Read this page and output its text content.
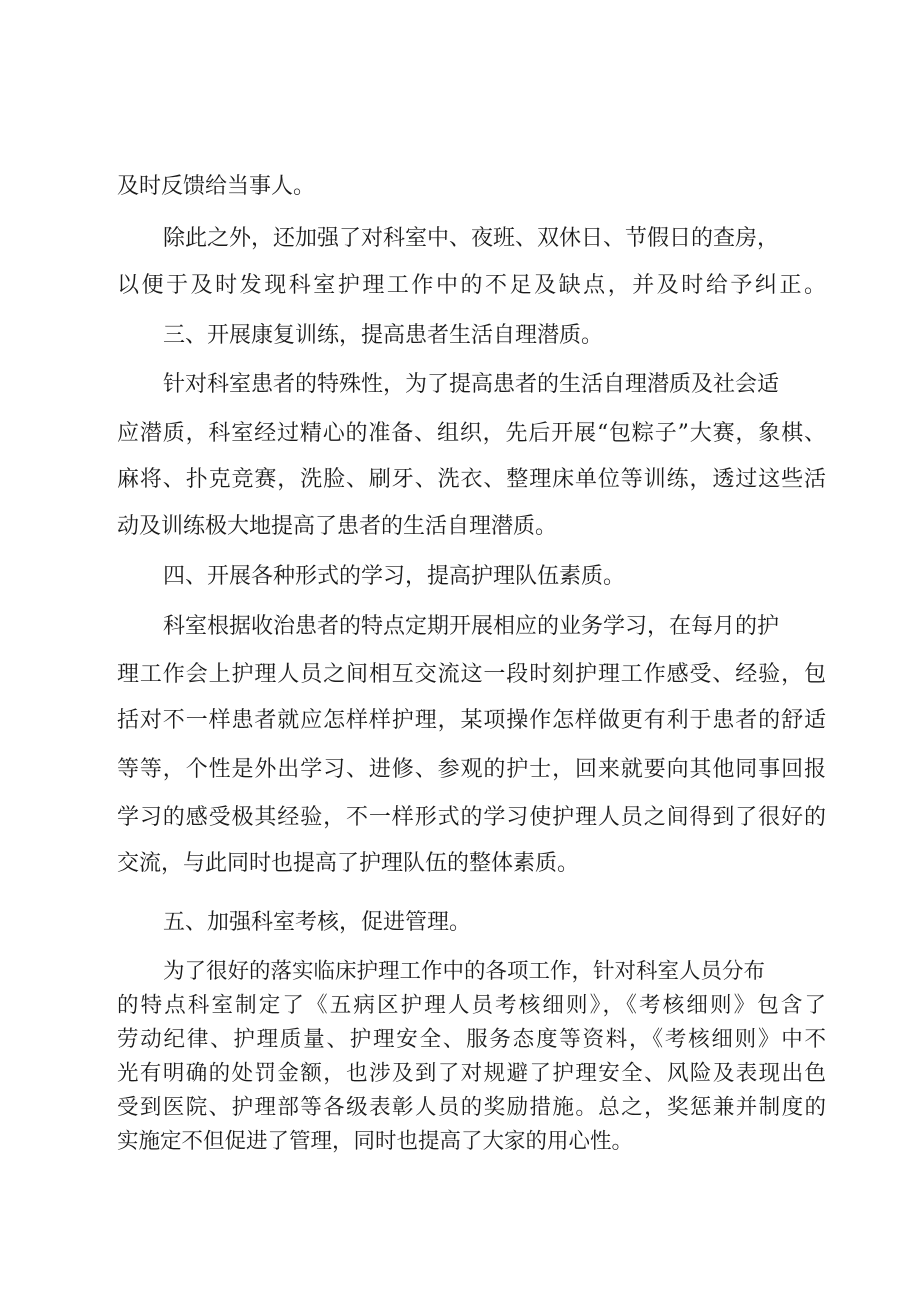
及时反馈给当事人。

除此之外，还加强了对科室中、夜班、双休日、节假日的查房，

以便于及时发现科室护理工作中的不足及缺点，并及时给予纠正。

三、开展康复训练，提高患者生活自理潜质。

针对科室患者的特殊性，为了提高患者的生活自理潜质及社会适

应潜质，科室经过精心的准备、组织，先后开展“包粽子”大赛，象棋、

麻将、扑克竞赛，洗脸、刷牙、洗衣、整理床单位等训练，透过这些活

动及训练极大地提高了患者的生活自理潜质。

四、开展各种形式的学习，提高护理队伍素质。

科室根据收治患者的特点定期开展相应的业务学习，在每月的护

理工作会上护理人员之间相互交流这一段时刻护理工作感受、经验，包

括对不一样患者就应怎样样护理，某项操作怎样做更有利于患者的舒适

等等，个性是外出学习、进修、参观的护士，回来就要向其他同事回报

学习的感受极其经验，不一样形式的学习使护理人员之间得到了很好的

交流，与此同时也提高了护理队伍的整体素质。

五、加强科室考核，促进管理。

为了很好的落实临床护理工作中的各项工作，针对科室人员分布

的特点科室制定了《五病区护理人员考核细则》，《考核细则》包含了

劳动纪律、护理质量、护理安全、服务态度等资料，《考核细则》中不

光有明确的处罚金额，也涉及到了对规避了护理安全、风险及表现出色

受到医院、护理部等各级表彰人员的奖励措施。总之，奖惩兼并制度的

实施定不但促进了管理，同时也提高了大家的用心性。
